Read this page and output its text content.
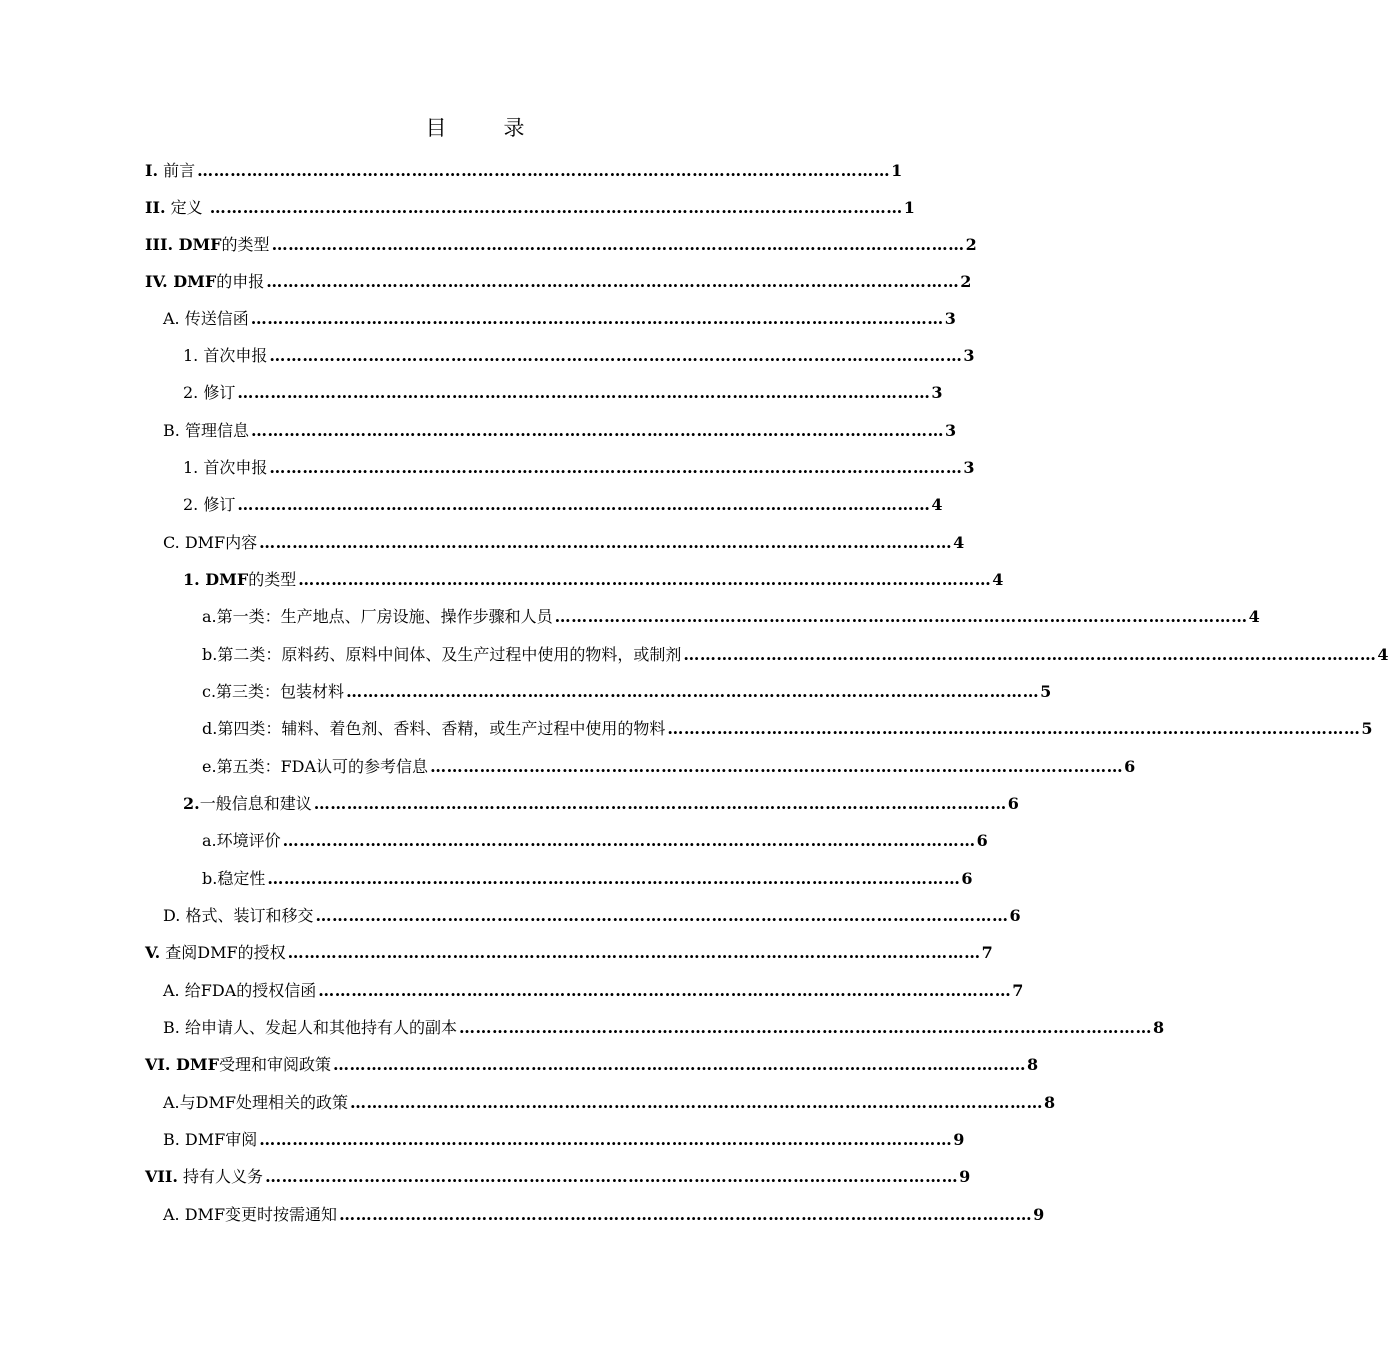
目　录
I. 前言 ……………………………………………………………………………………………………………… 1
II. 定义 ……………………………………………………………………………………………………………… 1
III. DMF的类型 ……………………………………………………………………………………………………………… 2
IV. DMF的申报 ……………………………………………………………………………………………………………… 2
A. 传送信函 ……………………………………………………………………………………………………………… 3
1. 首次申报 ……………………………………………………………………………………………………………… 3
2. 修订 ……………………………………………………………………………………………………………… 3
B. 管理信息 ……………………………………………………………………………………………………………… 3
1. 首次申报 ……………………………………………………………………………………………………………… 3
2. 修订 ……………………………………………………………………………………………………………… 4
C. DMF内容 ……………………………………………………………………………………………………………… 4
1. DMF的类型 ……………………………………………………………………………………………………………… 4
a.第一类：生产地点、厂房设施、操作步骤和人员 ……………………………………………………………………………………………………………… 4
b.第二类：原料药、原料中间体、及生产过程中使用的物料，或制剂 ……………………………………………………………………………………………………………… 4
c.第三类：包装材料 ……………………………………………………………………………………………………………… 5
d.第四类：辅料、着色剂、香料、香精，或生产过程中使用的物料 ……………………………………………………………………………………………………………… 5
e.第五类：FDA认可的参考信息 ……………………………………………………………………………………………………………… 6
2.一般信息和建议 ……………………………………………………………………………………………………………… 6
a.环境评价 ……………………………………………………………………………………………………………… 6
b.稳定性 ……………………………………………………………………………………………………………… 6
D. 格式、装订和移交 ……………………………………………………………………………………………………………… 6
V. 查阅DMF的授权 ……………………………………………………………………………………………………………… 7
A. 给FDA的授权信函 ……………………………………………………………………………………………………………… 7
B. 给申请人、发起人和其他持有人的副本 ……………………………………………………………………………………………………………… 8
VI. DMF受理和审阅政策 ……………………………………………………………………………………………………………… 8
A.与DMF处理相关的政策 ……………………………………………………………………………………………………………… 8
B. DMF审阅 ……………………………………………………………………………………………………………… 9
VII. 持有人义务 ……………………………………………………………………………………………………………… 9
A. DMF变更时按需通知 ……………………………………………………………………………………………………………… 9
